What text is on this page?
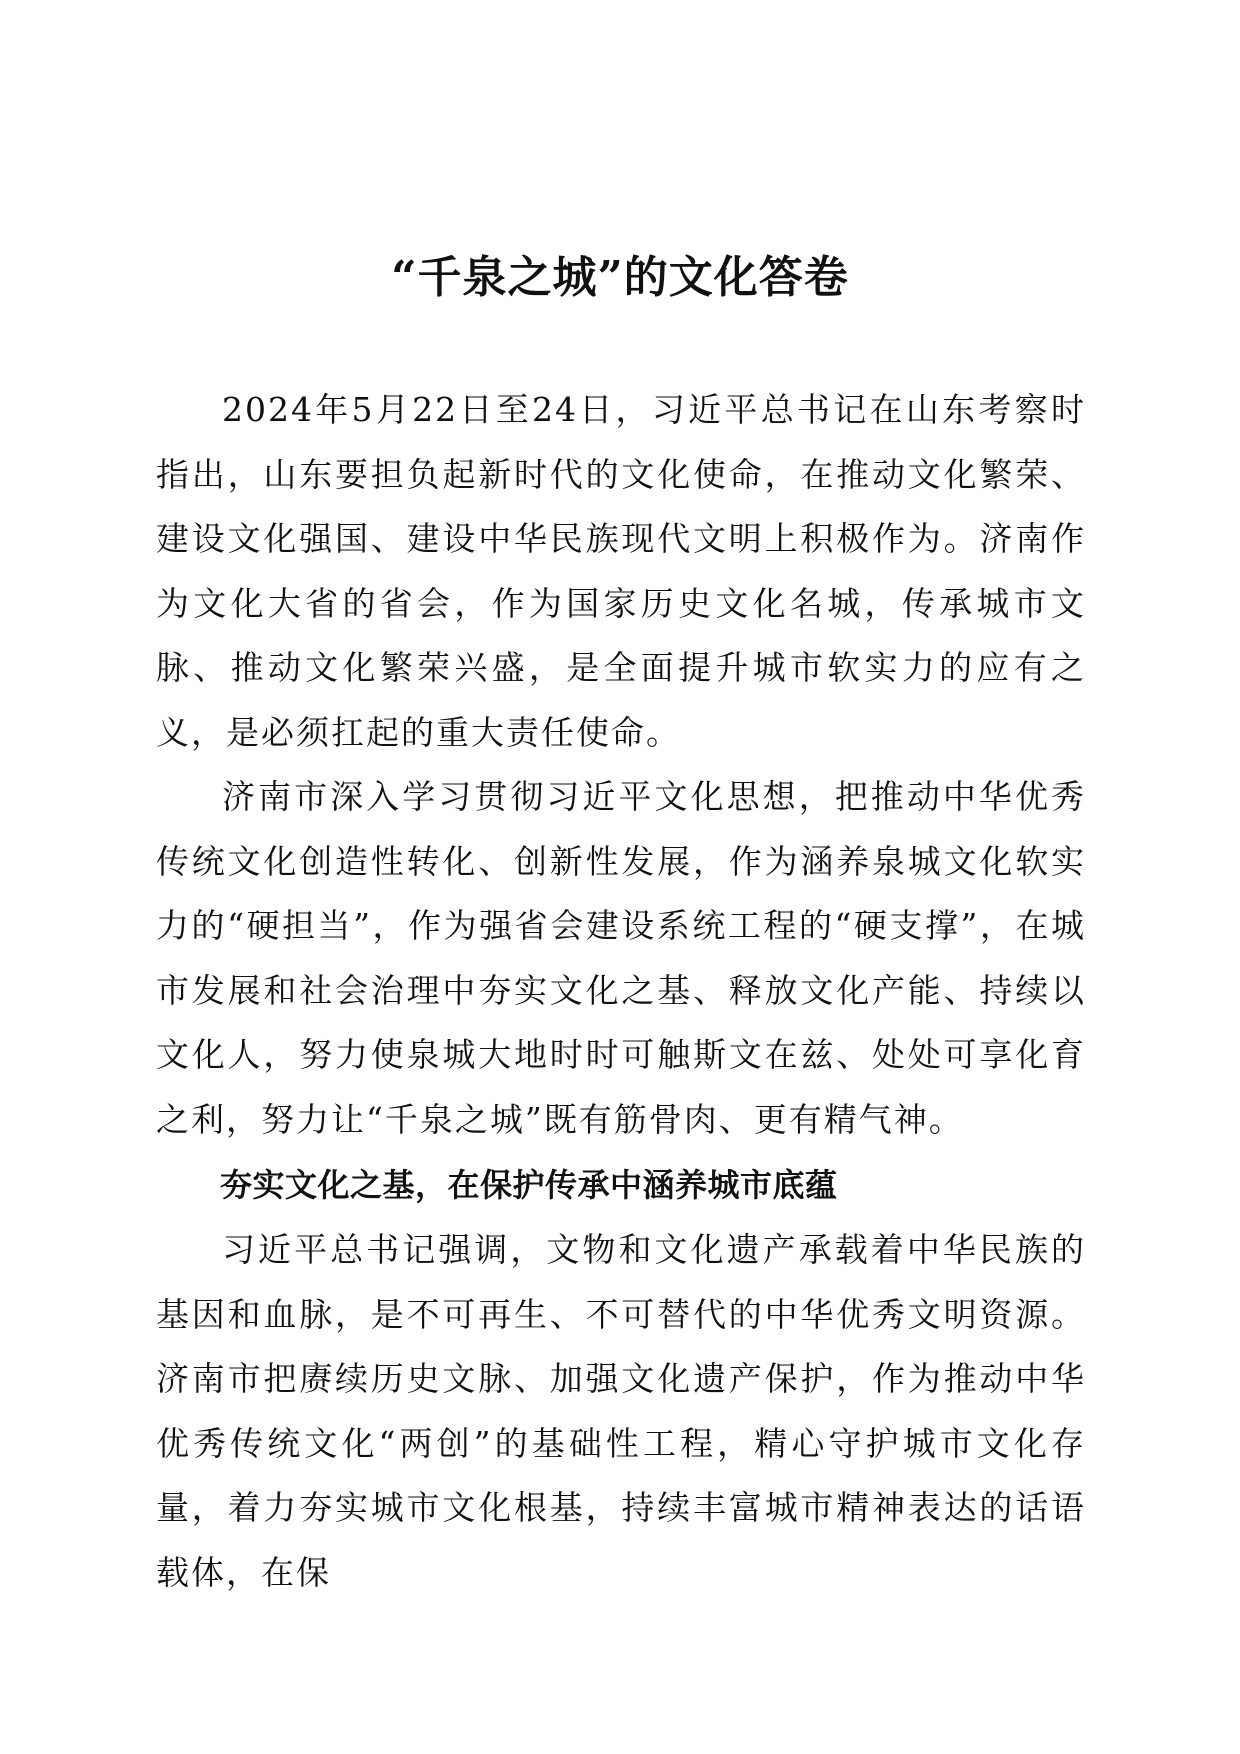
“千泉之城”的文化答卷

2024年5月22日至24日，习近平总书记在山东考察时指出，山东要担负起新时代的文化使命，在推动文化繁荣、建设文化强国、建设中华民族现代文明上积极作为。济南作为文化大省的省会，作为国家历史文化名城，传承城市文脉、推动文化繁荣兴盛，是全面提升城市软实力的应有之义，是必须扛起的重大责任使命。

济南市深入学习贯彻习近平文化思想，把推动中华优秀传统文化创造性转化、创新性发展，作为涵养泉城文化软实力的“硬担当”，作为强省会建设系统工程的“硬支撑”，在城市发展和社会治理中夯实文化之基、释放文化产能、持续以文化人，努力使泉城大地时时可触斯文在兹、处处可享化育之利，努力让“千泉之城”既有筋骨肉、更有精气神。

夯实文化之基，在保护传承中涵养城市底蕴

习近平总书记强调，文物和文化遗产承载着中华民族的基因和血脉，是不可再生、不可替代的中华优秀文明资源。济南市把赓续历史文脉、加强文化遗产保护，作为推动中华优秀传统文化“两创”的基础性工程，精心守护城市文化存量，着力夯实城市文化根基，持续丰富城市精神表达的话语载体，在保
